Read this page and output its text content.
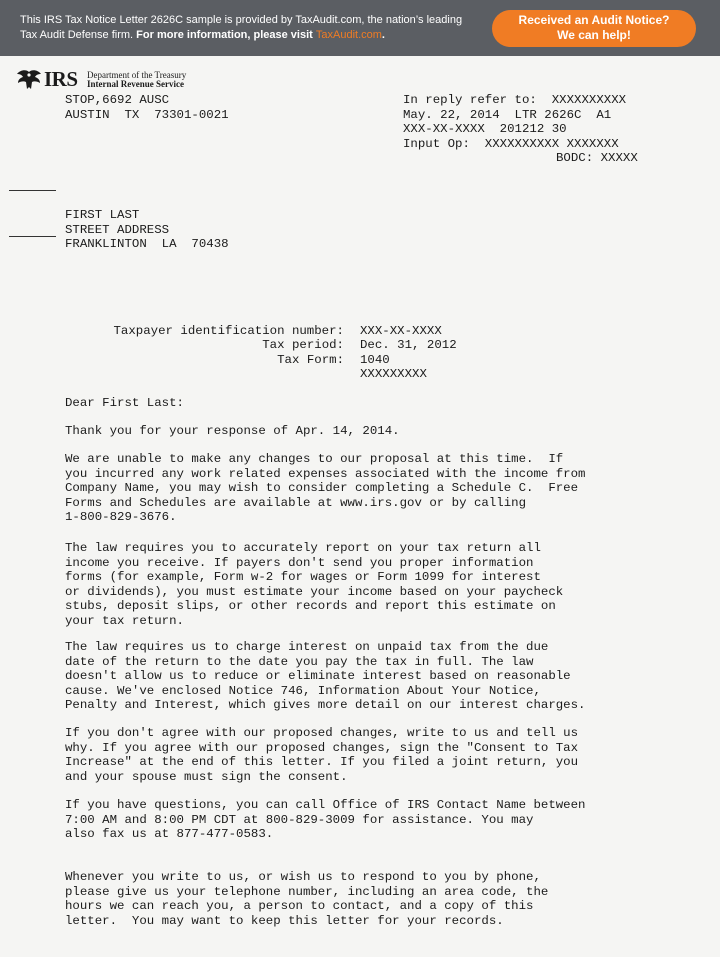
This IRS Tax Notice Letter 2626C sample is provided by TaxAudit.com, the nation’s leading Tax Audit Defense firm. For more information, please visit TaxAudit.com.
Received an Audit Notice?
We can help!
IRS Department of the Treasury
Internal Revenue Service
STOP,6692 AUSC
AUSTIN  TX  73301-0021
In reply refer to:  XXXXXXXXXX
May. 22, 2014  LTR 2626C  A1
XXX-XX-XXXX  201212 30
Input Op:  XXXXXXXXXX XXXXXXX
BODC: XXXXX
FIRST LAST
STREET ADDRESS
FRANKLINTON  LA  70438
Taxpayer identification number: XXX-XX-XXXX
Tax period: Dec. 31, 2012
Tax Form: 1040
XXXXXXXXX
Dear First Last:
Thank you for your response of Apr. 14, 2014.
We are unable to make any changes to our proposal at this time.  If
you incurred any work related expenses associated with the income from
Company Name, you may wish to consider completing a Schedule C.  Free
Forms and Schedules are available at www.irs.gov or by calling
1-800-829-3676.
The law requires you to accurately report on your tax return all
income you receive. If payers don't send you proper information
forms (for example, Form w-2 for wages or Form 1099 for interest
or dividends), you must estimate your income based on your paycheck
stubs, deposit slips, or other records and report this estimate on
your tax return.
The law requires us to charge interest on unpaid tax from the due
date of the return to the date you pay the tax in full. The law
doesn't allow us to reduce or eliminate interest based on reasonable
cause. We've enclosed Notice 746, Information About Your Notice,
Penalty and Interest, which gives more detail on our interest charges.
If you don't agree with our proposed changes, write to us and tell us
why. If you agree with our proposed changes, sign the "Consent to Tax
Increase" at the end of this letter. If you filed a joint return, you
and your spouse must sign the consent.
If you have questions, you can call Office of IRS Contact Name between
7:00 AM and 8:00 PM CDT at 800-829-3009 for assistance. You may
also fax us at 877-477-0583.
Whenever you write to us, or wish us to respond to you by phone,
please give us your telephone number, including an area code, the
hours we can reach you, a person to contact, and a copy of this
letter.  You may want to keep this letter for your records.
